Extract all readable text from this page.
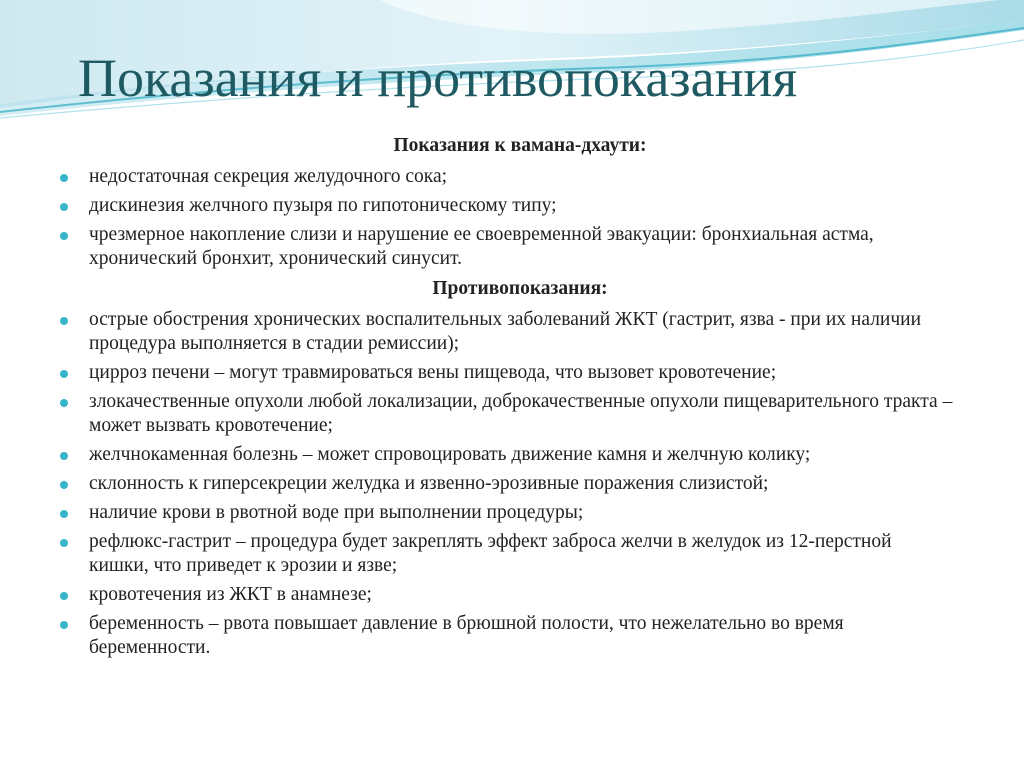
Показания и противопоказания

Показания к вамана-дхаути:

недостаточная секреция желудочного сока;
дискинезия желчного пузыря по гипотоническому типу;
чрезмерное накопление слизи и нарушение ее своевременной эвакуации: бронхиальная астма, хронический бронхит, хронический синусит.

Противопоказания:

острые обострения хронических воспалительных заболеваний ЖКТ (гастрит, язва - при их наличии процедура выполняется в стадии ремиссии);
цирроз печени – могут травмироваться вены пищевода, что вызовет кровотечение;
злокачественные опухоли любой локализации, доброкачественные опухоли пищеварительного тракта – может вызвать кровотечение;
желчнокаменная болезнь – может спровоцировать движение камня и желчную колику;
склонность к гиперсекреции желудка и язвенно-эрозивные поражения слизистой;
наличие крови в рвотной воде при выполнении процедуры;
рефлюкс-гастрит – процедура будет закреплять эффект заброса желчи в желудок из 12-перстной кишки, что приведет к эрозии и язве;
кровотечения из ЖКТ в анамнезе;
беременность – рвота повышает давление в брюшной полости, что нежелательно во время беременности.
